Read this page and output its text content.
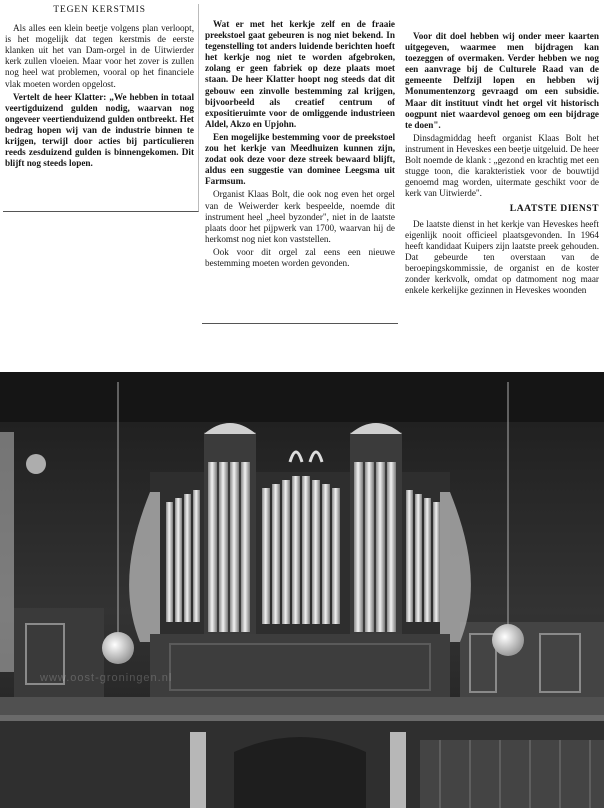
TEGEN KERSTMIS

Als alles een klein beetje volgens plan verloopt, is het mogelijk dat tegen kerstmis de eerste klanken uit het van Dam-orgel in de Uitwierder kerk zullen vloeien. Maar voor het zover is zullen nog heel wat problemen, vooral op het financiele vlak moeten worden opgelost.

Vertelt de heer Klatter: „We hebben in totaal veertigduizend gulden nodig, waarvan nog ongeveer veertienduizend gulden ontbreekt. Het bedrag hopen wij van de industrie binnen te krijgen, terwijl door acties bij particulieren reeds zesduizend gulden is binnengekomen. Dit blijft nog steeds lopen.

Wat er met het kerkje zelf en de fraaie preekstoel gaat gebeuren is nog niet bekend. In tegenstelling tot anders luidende berichten hoeft het kerkje nog niet te worden afgebroken, zolang er geen fabriek op deze plaats moet staan. De heer Klatter hoopt nog steeds dat dit gebouw een zinvolle bestemming zal krijgen, bijvoorbeeld als creatief centrum of expositieruimte voor de omliggende industrieen Aldel, Akzo en Upjohn.

Een mogelijke bestemming voor de preekstoel zou het kerkje van Meedhuizen kunnen zijn, zodat ook deze voor deze streek bewaard blijft, aldus een suggestie van dominee Leegsma uit Farmsum.

Organist Klaas Bolt, die ook nog even het orgel van de Weiwerder kerk bespeelde, noemde dit instrument heel „heel byzonder", niet in de laatste plaats door het pijpwerk van 1700, waarvan hij de herkomst nog niet kon vaststellen.

Ook voor dit orgel zal eens een nieuwe bestemming moeten worden gevonden.

Voor dit doel hebben wij onder meer kaarten uitgegeven, waarmee men bijdragen kan toezeggen of overmaken. Verder hebben we nog een aanvrage bij de Culturele Raad van de gemeente Delfzijl lopen en hebben wij Monumentenzorg gevraagd om een subsidie. Maar dit instituut vindt het orgel vit historisch oogpunt niet waardevol genoeg om een bijdrage te doen".

Dinsdagmiddag heeft organist Klaas Bolt het instrument in Heveskes een beetje uitgeluid. De heer Bolt noemde de klank : „gezond en krachtig met een stugge toon, die karakteristiek voor de bouwtijd genoemd mag worden, uitermate geschikt voor de kerk van Uitwierde".

LAATSTE DIENST

De laatste dienst in het kerkje van Heveskes heeft eigenlijk nooit officieel plaatsgevonden. In 1964 heeft kandidaat Kuipers zijn laatste preek gehouden. Dat gebeurde ten overstaan van de beroepingskommissie, de organist en de koster zonder kerkvolk, omdat op datmoment nog maar enkele kerkelijke gezinnen in Heveskes woonden

www.oost-groningen.nl
